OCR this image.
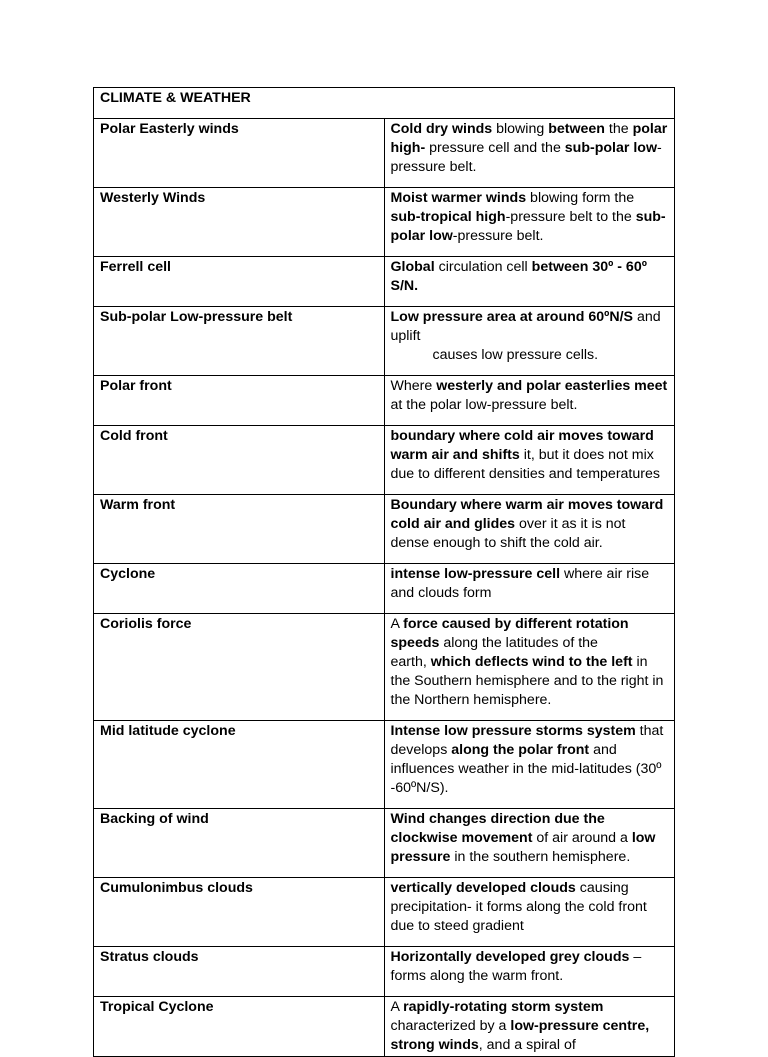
CLIMATE & WEATHER	
Polar Easterly winds	Cold dry winds blowing between the polar high- pressure cell and the sub-polar low-pressure belt.
Westerly Winds	Moist warmer winds blowing form the sub-tropical high-pressure belt to the sub-polar low-pressure belt.
Ferrell cell	Global circulation cell between 30º - 60º S/N.
Sub-polar Low-pressure belt	Low pressure area at around 60ºN/S and uplift
causes low pressure cells.
Polar front	Where westerly and polar easterlies meet at the polar low-pressure belt.
Cold front	boundary where cold air moves toward warm air and shifts it, but it does not mix due to different densities and temperatures
Warm front	Boundary where warm air moves toward cold air and glides over it as it is not dense enough to shift the cold air.
Cyclone	intense low-pressure cell where air rise and clouds form
Coriolis force	A force caused by different rotation speeds along the latitudes of theearth, which deflects wind to the left in the Southern hemisphere and to the right in the Northern hemisphere.
Mid latitude cyclone	Intense low pressure storms system that develops along the polar front and influences weather in the mid-latitudes (30º -60ºN/S).
Backing of wind	Wind changes direction due the clockwise movement of air around a low pressure in the southern hemisphere.
Cumulonimbus clouds	vertically developed clouds causing precipitation- it forms along the cold front due to steed gradient
Stratus clouds	Horizontally developed grey clouds – forms along the warm front.
Tropical Cyclone	A rapidly-rotating storm system characterized by a low-pressure centre, strong winds, and a spiral of
